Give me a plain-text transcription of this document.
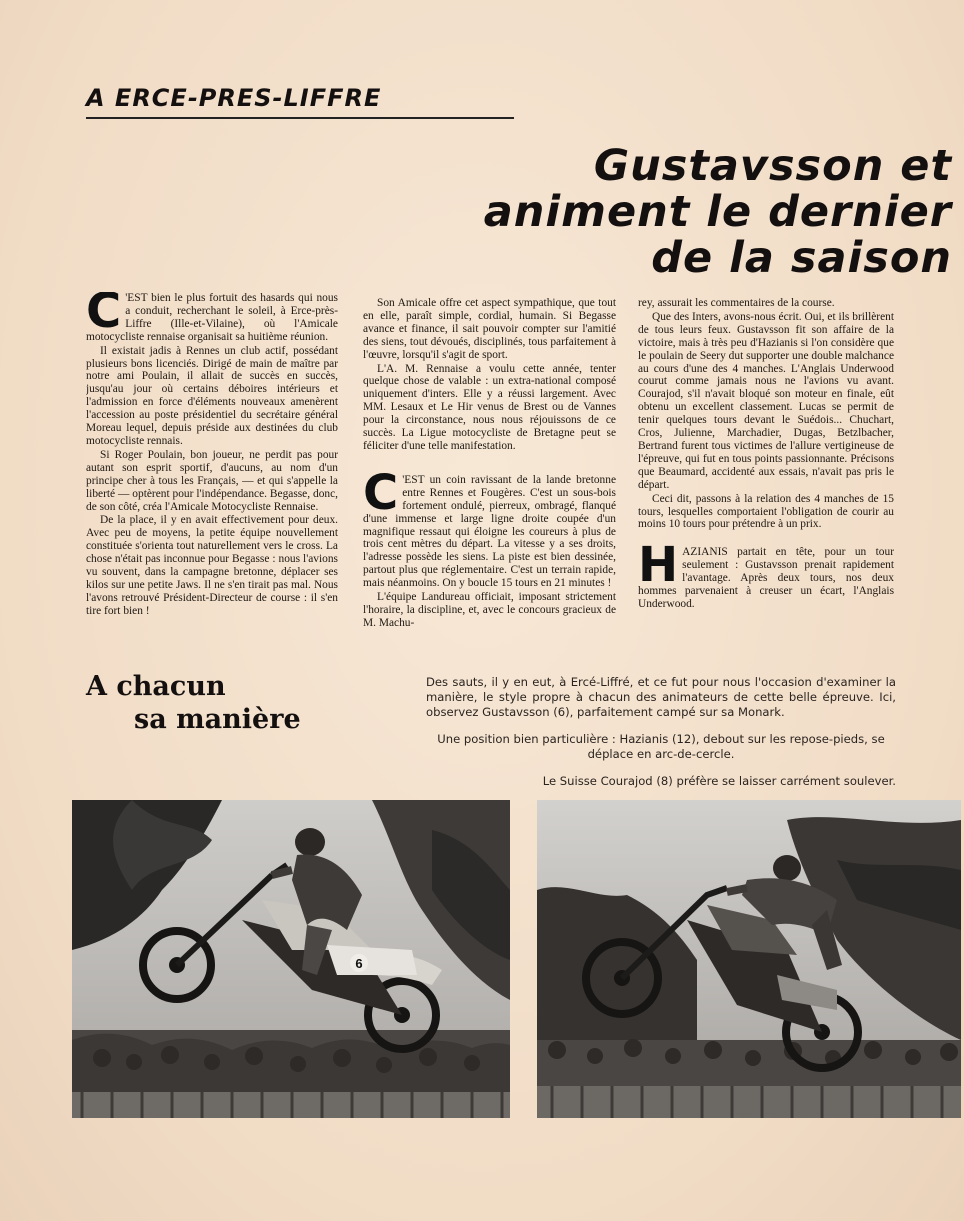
A ERCE-PRES-LIFFRE
Gustavsson et
animent le dernier
de la saison

C 'EST bien le plus fortuit des hasards qui nous a conduit, recherchant le soleil, à Erce-près-Liffre (Ille-et-Vilaine), où l'Amicale motocycliste rennaise organisait sa huitième réunion.

Il existait jadis à Rennes un club actif, possédant plusieurs bons licenciés. Dirigé de main de maître par notre ami Poulain, il allait de succès en succès, jusqu'au jour où certains déboires intérieurs et l'admission en force d'éléments nouveaux amenèrent l'accession au poste présidentiel du secrétaire général Moreau lequel, depuis préside aux destinées du club motocycliste rennais.

Si Roger Poulain, bon joueur, ne perdit pas pour autant son esprit sportif, d'aucuns, au nom d'un principe cher à tous les Français, — et qui s'appelle la liberté — optèrent pour l'indépendance. Begasse, donc, de son côté, créa l'Amicale Motocycliste Rennaise.

De la place, il y en avait effectivement pour deux. Avec peu de moyens, la petite équipe nouvellement constituée s'orienta tout naturellement vers le cross. La chose n'était pas inconnue pour Begasse : nous l'avions vu souvent, dans la campagne bretonne, déplacer ses kilos sur une petite Jaws. Il ne s'en tirait pas mal. Nous l'avons retrouvé Président-Directeur de course : il s'en tire fort bien !

Son Amicale offre cet aspect sympathique, que tout en elle, paraît simple, cordial, humain. Si Begasse avance et finance, il sait pouvoir compter sur l'amitié des siens, tout dévoués, disciplinés, tous parfaitement à l'œuvre, lorsqu'il s'agit de sport.

L'A. M. Rennaise a voulu cette année, tenter quelque chose de valable : un extra-national composé uniquement d'inters. Elle y a réussi largement. Avec MM. Lesaux et Le Hir venus de Brest ou de Vannes pour la circonstance, nous nous réjouissons de ce succès. La Ligue motocycliste de Bretagne peut se féliciter d'une telle manifestation.

C 'EST un coin ravissant de la lande bretonne entre Rennes et Fougères. C'est un sous-bois fortement ondulé, pierreux, ombragé, flanqué d'une immense et large ligne droite coupée d'un magnifique ressaut qui éloigne les coureurs à plus de trois cent mètres du départ. La vitesse y a ses droits, l'adresse possède les siens. La piste est bien dessinée, partout plus que réglementaire. C'est un terrain rapide, mais néanmoins. On y boucle 15 tours en 21 minutes !

L'équipe Landureau officiait, imposant strictement l'horaire, la discipline, et, avec le concours gracieux de M. Machu-

rey, assurait les commentaires de la course.

Que des Inters, avons-nous écrit. Oui, et ils brillèrent de tous leurs feux. Gustavsson fit son affaire de la victoire, mais à très peu d'Hazianis si l'on considère que le poulain de Seery dut supporter une double malchance au cours d'une des 4 manches. L'Anglais Underwood courut comme jamais nous ne l'avions vu avant. Courajod, s'il n'avait bloqué son moteur en finale, eût obtenu un excellent classement. Lucas se permit de tenir quelques tours devant le Suédois... Chuchart, Cros, Julienne, Marchadier, Dugas, Betzlbacher, Bertrand furent tous victimes de l'allure vertigineuse de l'épreuve, qui fut en tous points passionnante. Précisons que Beaumard, accidenté aux essais, n'avait pas pris le départ.

Ceci dit, passons à la relation des 4 manches de 15 tours, lesquelles comportaient l'obligation de courir au moins 10 tours pour prétendre à un prix.

HAZIANIS partait en tête, pour un tour seulement : Gustavsson prenait rapidement l'avantage. Après deux tours, nos deux hommes parvenaient à creuser un écart, l'Anglais Underwood.

A chacun
sa manière
Des sauts, il y en eut, à Ercé-Liffré, et ce fut pour nous l'occasion d'examiner la manière, le style propre à chacun des animateurs de cette belle épreuve. Ici, observez Gustavsson (6), parfaitement campé sur sa Monark.
Une position bien particulière : Hazianis (12), debout sur les repose-pieds, se déplace en arc-de-cercle.
Le Suisse Courajod (8) préfère se laisser carrément soulever.
6
